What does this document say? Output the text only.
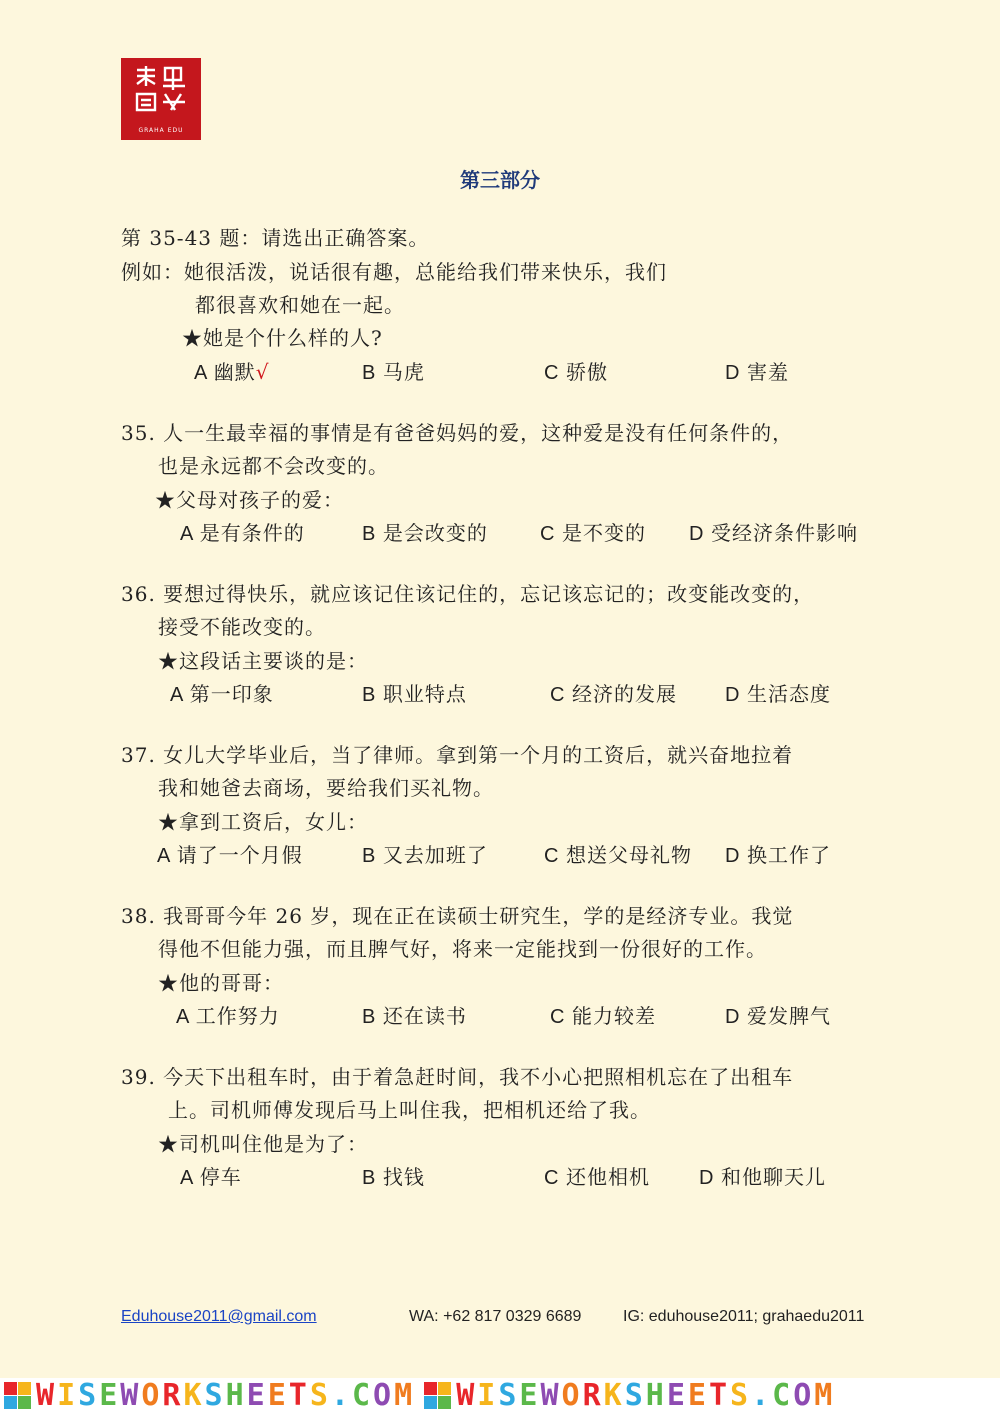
GRAHA EDU
第三部分
第 35-43 题：请选出正确答案。
例如：她很活泼，说话很有趣，总能给我们带来快乐，我们
都很喜欢和她在一起。
★她是个什么样的人?
A 幽默√	B 马虎	C 骄傲	D 害羞
35. 人一生最幸福的事情是有爸爸妈妈的爱，这种爱是没有任何条件的，
也是永远都不会改变的。
★父母对孩子的爱：
A 是有条件的	B 是会改变的	C 是不变的 D 受经济条件影响
36. 要想过得快乐，就应该记住该记住的，忘记该忘记的；改变能改变的，
接受不能改变的。
★这段话主要谈的是：
A 第一印象	B 职业特点	C 经济的发展 D 生活态度
37. 女儿大学毕业后，当了律师。拿到第一个月的工资后，就兴奋地拉着
我和她爸去商场，要给我们买礼物。
★拿到工资后，女儿：
A 请了一个月假	B 又去加班了	C 想送父母礼物 D 换工作了
38. 我哥哥今年 26 岁，现在正在读硕士研究生，学的是经济专业。我觉
得他不但能力强，而且脾气好，将来一定能找到一份很好的工作。
★他的哥哥：
A 工作努力	B 还在读书	C 能力较差	D 爱发脾气
39. 今天下出租车时，由于着急赶时间，我不小心把照相机忘在了出租车
上。司机师傅发现后马上叫住我，把相机还给了我。
★司机叫住他是为了：
A 停车	B 找钱	C 还他相机 D 和他聊天儿
Eduhouse2011@gmail.com	WA: +62 817 0329 6689	IG: eduhouse2011; grahaedu2011
WISEWORKSHEETS.COM WISEWORKSHEETS.COM
